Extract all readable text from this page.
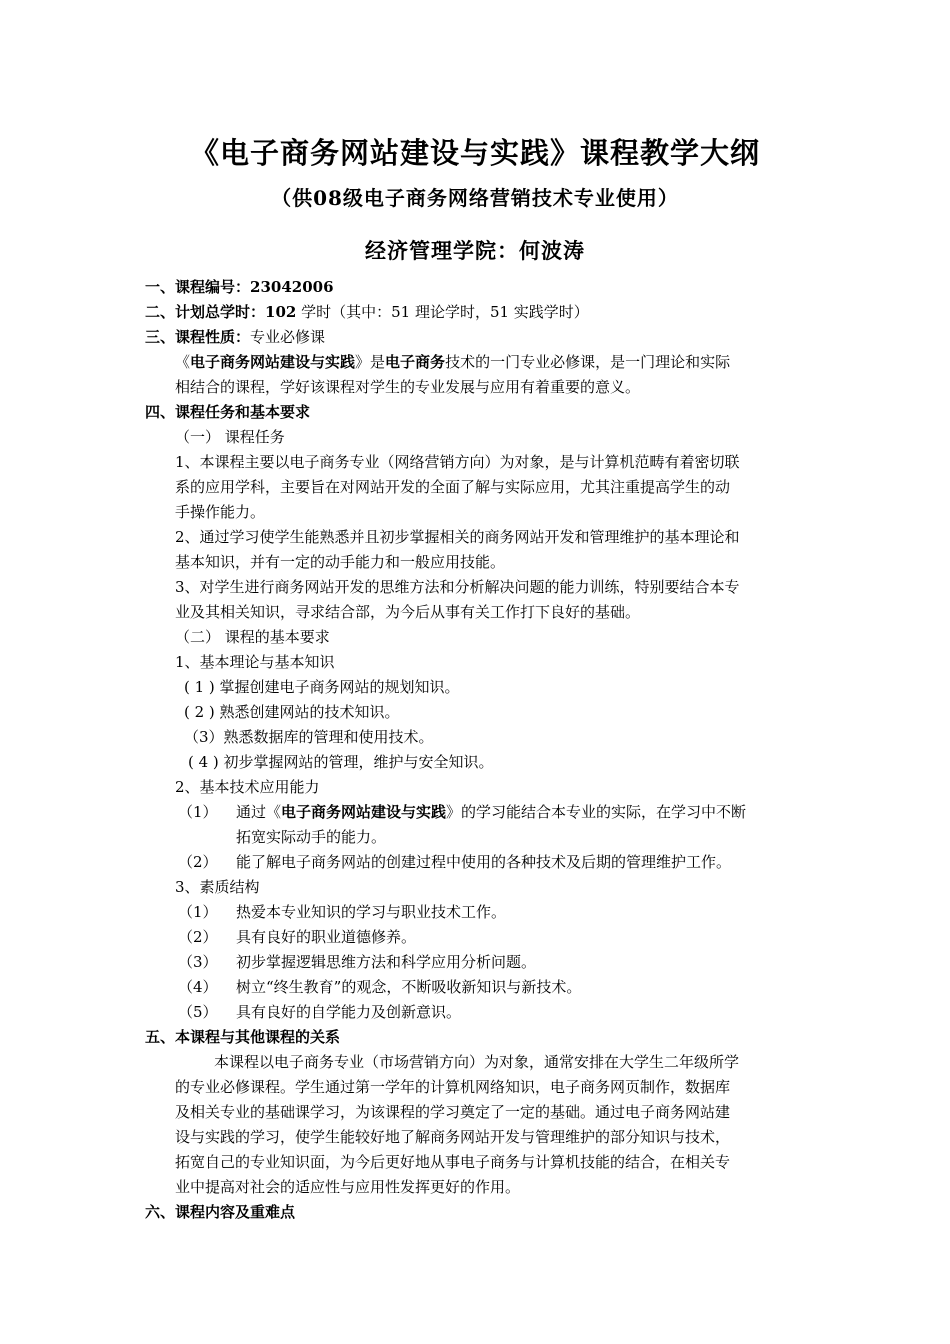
《电子商务网站建设与实践》课程教学大纲
（供08级电子商务网络营销技术专业使用）
经济管理学院：何波涛
一、课程编号：23042006
二、计划总学时：102 学时（其中：51 理论学时，51 实践学时）
三、课程性质：专业必修课
《电子商务网站建设与实践》是电子商务技术的一门专业必修课，是一门理论和实际
相结合的课程，学好该课程对学生的专业发展与应用有着重要的意义。
四、课程任务和基本要求
（一） 课程任务
1、本课程主要以电子商务专业（网络营销方向）为对象，是与计算机范畴有着密切联
系的应用学科，主要旨在对网站开发的全面了解与实际应用，尤其注重提高学生的动
手操作能力。
2、通过学习使学生能熟悉并且初步掌握相关的商务网站开发和管理维护的基本理论和
基本知识，并有一定的动手能力和一般应用技能。
3、对学生进行商务网站开发的思维方法和分析解决问题的能力训练，特别要结合本专
业及其相关知识，寻求结合部，为今后从事有关工作打下良好的基础。
（二） 课程的基本要求
1、基本理论与基本知识
( 1 ) 掌握创建电子商务网站的规划知识。
( 2 ) 熟悉创建网站的技术知识。
（3）熟悉数据库的管理和使用技术。
( 4 ) 初步掌握网站的管理，维护与安全知识。
2、基本技术应用能力
（1） 通过《电子商务网站建设与实践》的学习能结合本专业的实际，在学习中不断
拓宽实际动手的能力。
（2） 能了解电子商务网站的创建过程中使用的各种技术及后期的管理维护工作。
3、素质结构
（1） 热爱本专业知识的学习与职业技术工作。
（2） 具有良好的职业道德修养。
（3） 初步掌握逻辑思维方法和科学应用分析问题。
（4） 树立“终生教育”的观念，不断吸收新知识与新技术。
（5） 具有良好的自学能力及创新意识。
五、本课程与其他课程的关系
本课程以电子商务专业（市场营销方向）为对象，通常安排在大学生二年级所学
的专业必修课程。学生通过第一学年的计算机网络知识，电子商务网页制作，数据库
及相关专业的基础课学习，为该课程的学习奠定了一定的基础。通过电子商务网站建
设与实践的学习，使学生能较好地了解商务网站开发与管理维护的部分知识与技术，
拓宽自己的专业知识面，为今后更好地从事电子商务与计算机技能的结合，在相关专
业中提高对社会的适应性与应用性发挥更好的作用。
六、课程内容及重难点
